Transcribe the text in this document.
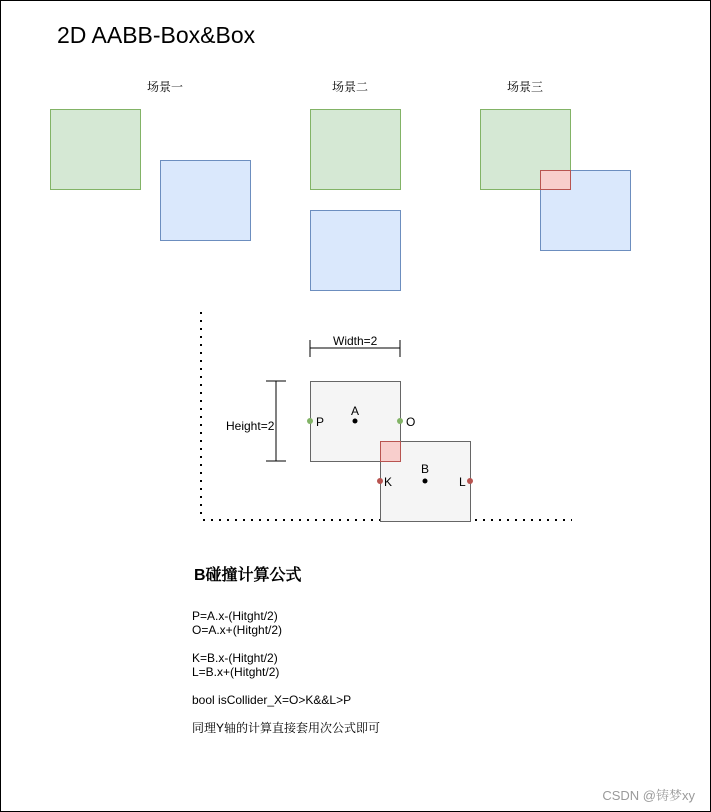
2D AABB-Box&Box
场景一	场景二	场景三
Width=2
Height=2	P	O
A
B
K	L
B碰撞计算公式
P=A.x-(Hitght/2)
O=A.x+(Hitght/2)
K=B.x-(Hitght/2)
L=B.x+(Hitght/2)
bool isCollider_X=O>K&&L>P
同理Y轴的计算直接套用次公式即可
CSDN @铸梦xy
